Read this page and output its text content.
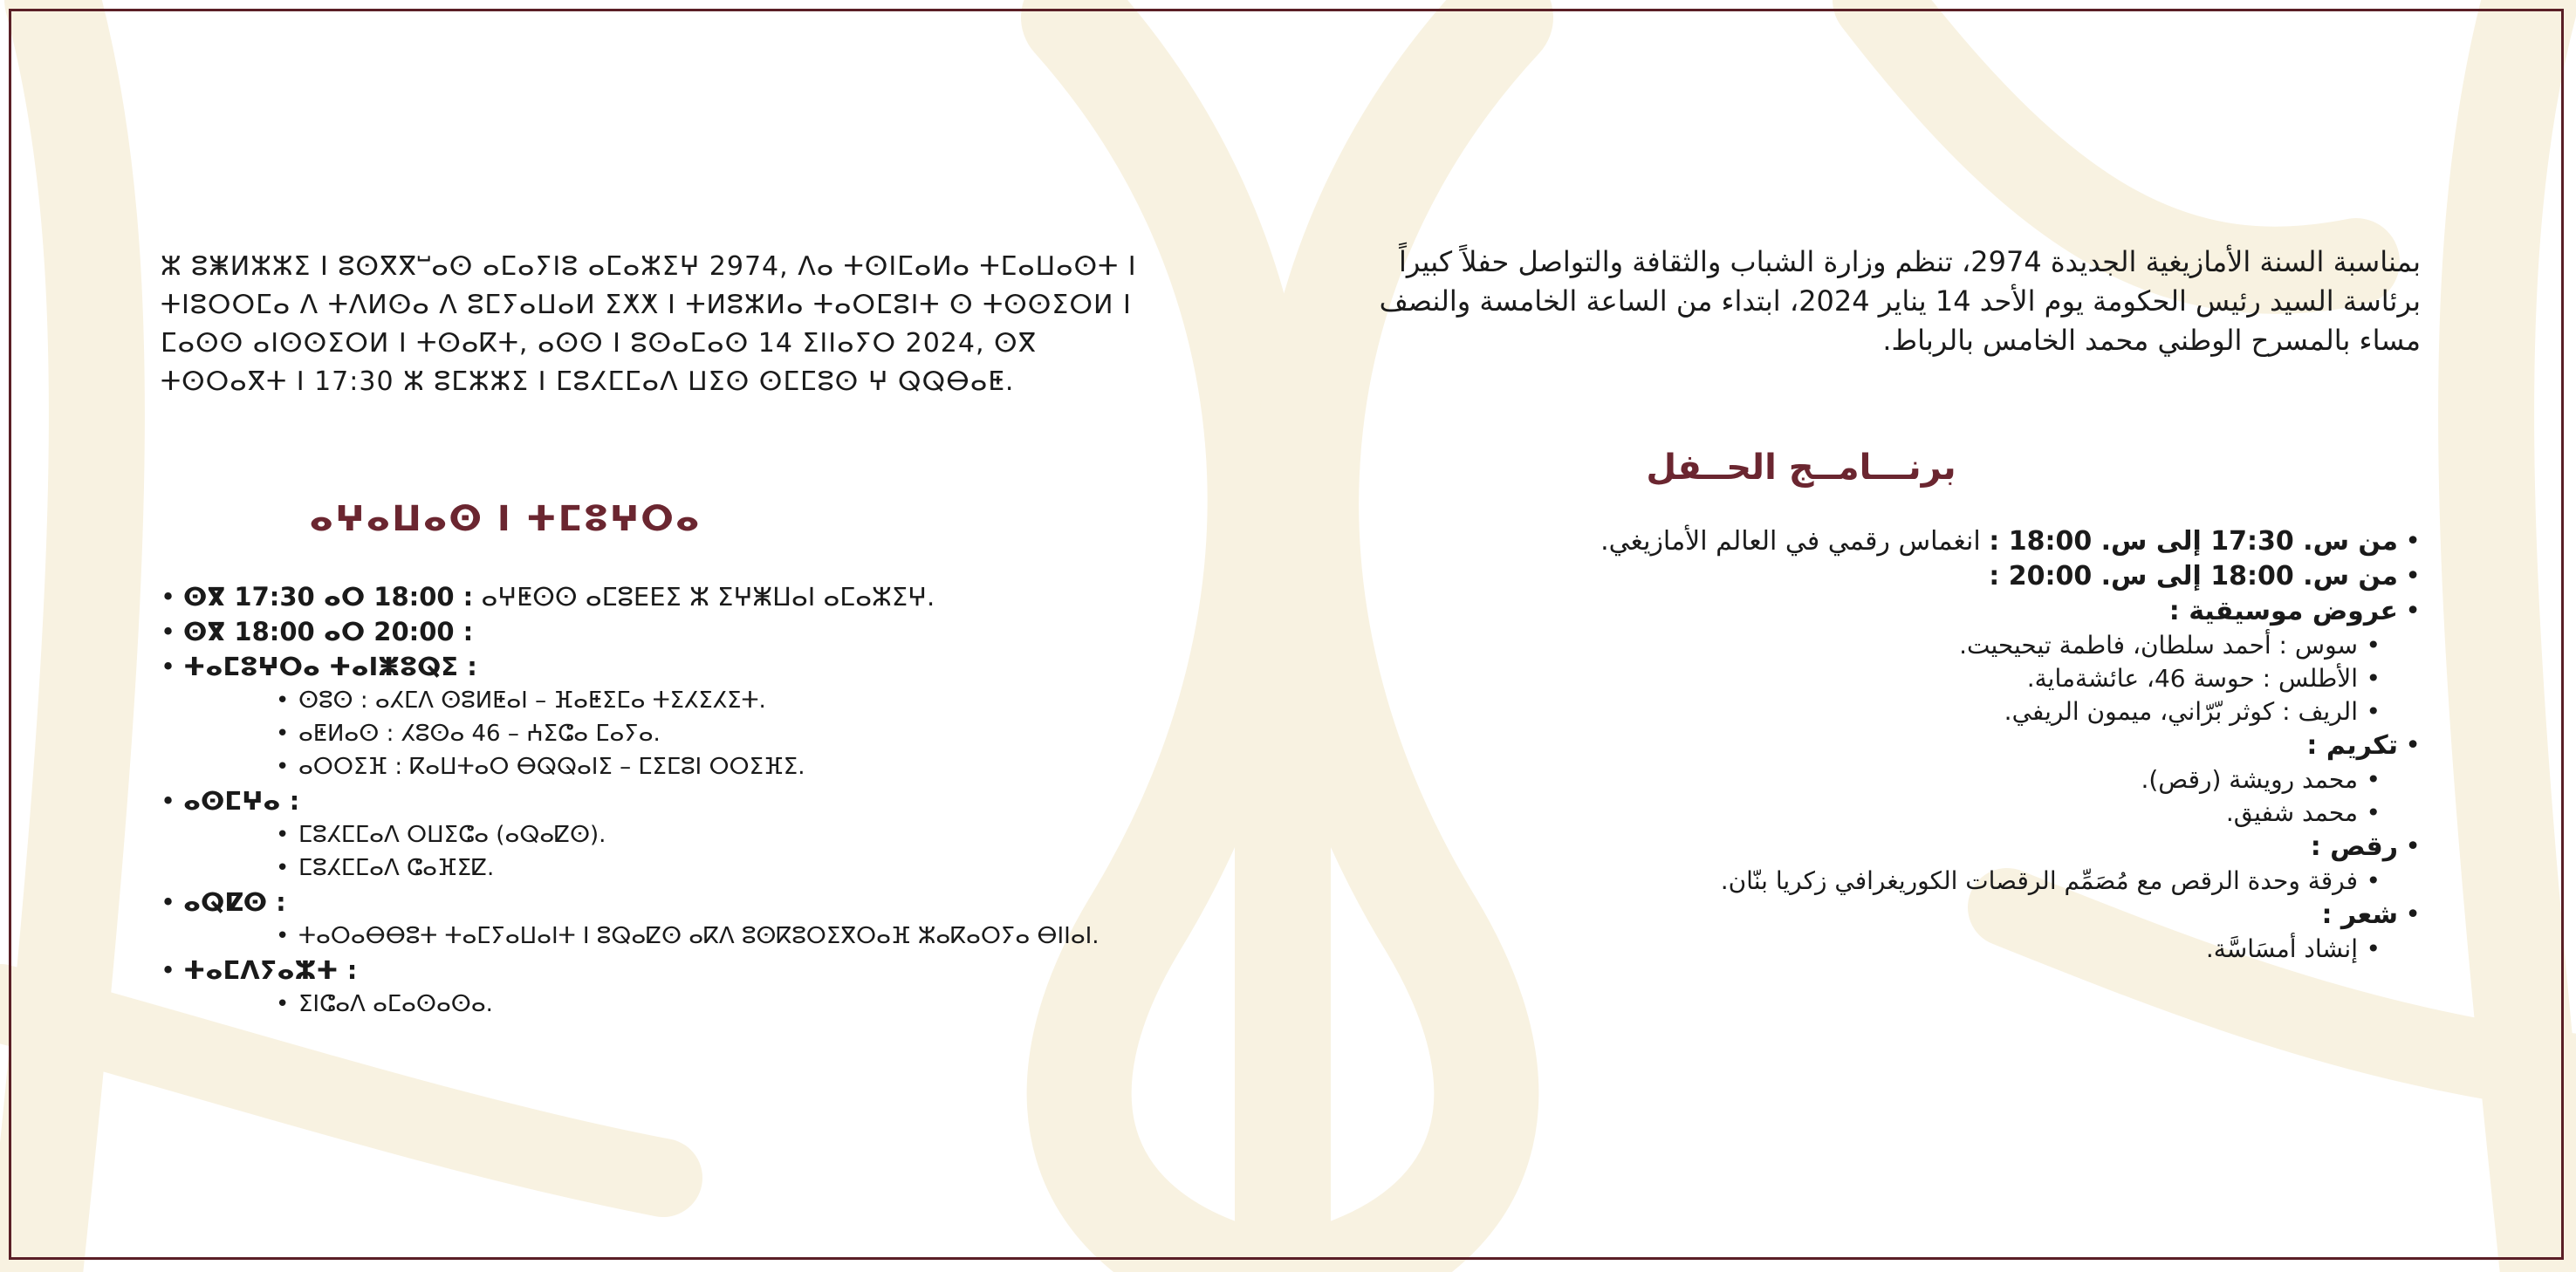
بمناسبة السنة الأمازيغية الجديدة 2974، تنظم وزارة الشباب والثقافة والتواصل حفلاً كبيراً برئاسة السيد رئيس الحكومة يوم الأحد 14 يناير 2024، ابتداء من الساعة الخامسة والنصف مساء بالمسرح الوطني محمد الخامس بالرباط.

برنـــامــج الحــفل
• من س. 17:30 إلى س. 18:00 : انغماس رقمي في العالم الأمازيغي.
• من س. 18:00 إلى س. 20:00 :
• عروض موسيقية :
• سوس : أحمد سلطان، فاطمة تيحيحيت.
• الأطلس : حوسة 46، عائشةماية.
• الريف : كوثر بّرّاني، ميمون الريفي.
• تكريم :
• محمد رويشة (رقص).
• محمد شفيق.
• رقص :
• فرقة وحدة الرقص مع مُصَمِّم الرقصات الكوريغرافي زكريا بنّان.
• شعر :
• إنشاد أمسَاسَّة.

ⵣ ⵓⵥⵍⵣⵣⵉ ⵏ ⵓⵙⴳⴳⵯⴰⵙ ⴰⵎⴰⵢⵏⵓ ⴰⵎⴰⵣⵉⵖ 2974, ⴷⴰ ⵜⵙⵏⵎⴰⵍⴰ ⵜⵎⴰⵡⴰⵙⵜ ⵏ ⵜⵏⵓⵔⵔⵎⴰ ⴷ ⵜⴷⵍⵙⴰ ⴷ ⵓⵎⵢⴰⵡⴰⵍ ⵉⵅⵅ ⵏ ⵜⵍⵓⵣⵍⴰ ⵜⴰⵔⵎⵓⵏⵜ ⵙ ⵜⵙⵙⵉⵔⵍ ⵏ ⵎⴰⵙⵙ ⴰⵏⵙⵙⵉⵔⵍ ⵏ ⵜⵙⴰⴽⵜ, ⴰⵙⵙ ⵏ ⵓⵙⴰⵎⴰⵙ 14 ⵉⵏⵏⴰⵢⵔ 2024, ⵙⴳ ⵜⵙⵔⴰⴳⵜ ⵏ 17:30 ⵣ ⵓⵎⵣⵣⵉ ⵏ ⵎⵓⵃⵎⵎⴰⴷ ⵡⵉⵙ ⵙⵎⵎⵓⵙ ⵖ ⵕⵕⴱⴰⵟ.

ⴰⵖⴰⵡⴰⵙ ⵏ ⵜⵎⵓⵖⵔⴰ
• ⵙⴳ 17:30 ⴰⵔ 18:00 : ⴰⵖⵟⵙⵙ ⴰⵎⵓⴹⴹⵉ ⵣ ⵉⵖⵥⵡⴰⵏ ⴰⵎⴰⵣⵉⵖ.
• ⵙⴳ 18:00 ⴰⵔ 20:00 :
• ⵜⴰⵎⵓⵖⵔⴰ ⵜⴰⵏⵥⵓⵕⵉ :
• ⵙⵓⵙ : ⴰⵃⵎⴷ ⵙⵓⵍⵟⴰⵏ – ⴼⴰⵟⵉⵎⴰ ⵜⵉⵃⵉⵃⵉⵜ.
• ⴰⵟⵍⴰⵙ : ⵃⵓⵙⴰ 46 – ⵄⵉⵛⴰ ⵎⴰⵢⴰ.
• ⴰⵔⵔⵉⴼ : ⴽⴰⵡⵜⴰⵔ ⴱⵕⵕⴰⵏⵉ – ⵎⵉⵎⵓⵏ ⵔⵔⵉⴼⵉ.
• ⴰⵙⵎⵖⴰ :
• ⵎⵓⵃⵎⵎⴰⴷ ⵔⵡⵉⵛⴰ (ⴰⵕⴰⵇⵙ).
• ⵎⵓⵃⵎⵎⴰⴷ ⵛⴰⴼⵉⵇ.
• ⴰⵕⵇⵙ :
• ⵜⴰⵔⴰⴱⴱⵓⵜ ⵜⴰⵎⵢⴰⵡⴰⵏⵜ ⵏ ⵓⵕⴰⵇⵙ ⴰⴽⴷ ⵓⵙⴽⵓⵔⵉⴳⵔⴰⴼ ⵣⴰⴽⴰⵔⵢⴰ ⴱⵏⵏⴰⵏ.
• ⵜⴰⵎⴷⵢⴰⵣⵜ :
• ⵉⵏⵛⴰⴷ ⴰⵎⴰⵙⴰⵙⴰ.
